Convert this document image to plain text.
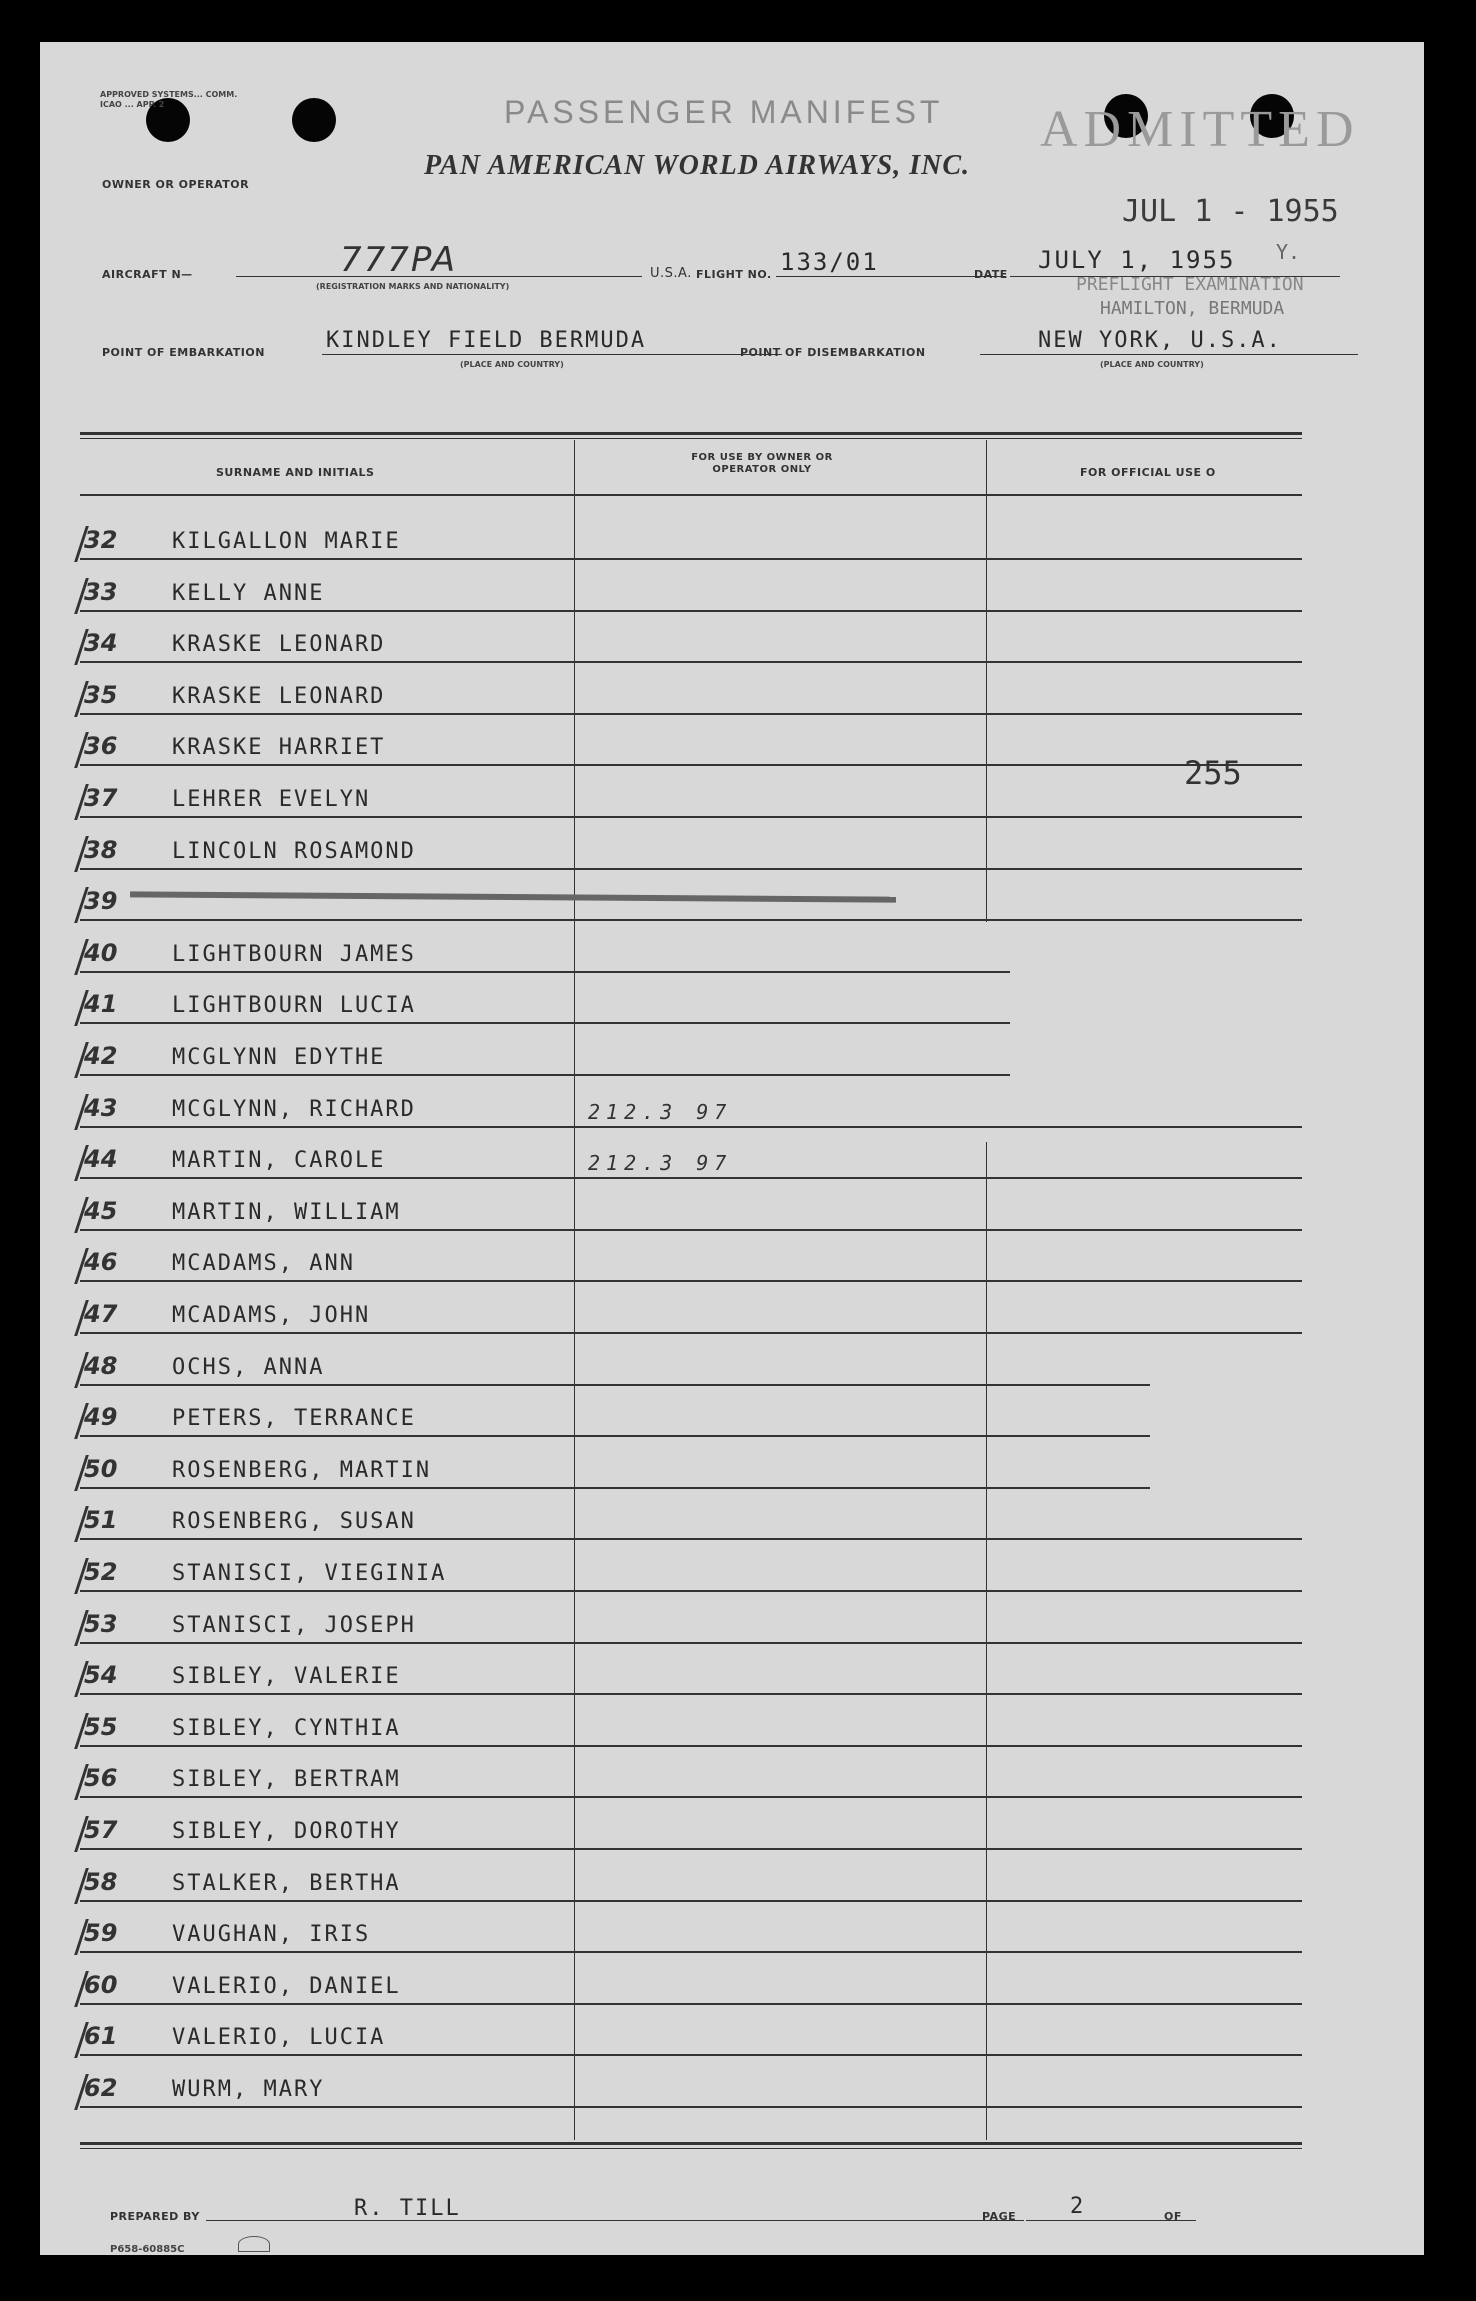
APPROVED SYSTEMS... COMM. ICAO ... APP. 2	PASSENGER MANIFEST
PAN AMERICAN WORLD AIRWAYS, INC.
OWNER OR OPERATOR
ADMITTED
JUL 1 - 1955
PREFLIGHT EXAMINATION
HAMILTON, BERMUDA
Y.
AIRCRAFT N—	777PA
(REGISTRATION MARKS AND NATIONALITY)
U.S.A. FLIGHT NO. 133/01	DATE
JULY 1, 1955
POINT OF EMBARKATION	KINDLEY FIELD BERMUDA
(PLACE AND COUNTRY)
POINT OF DISEMBARKATION	NEW YORK, U.S.A.
(PLACE AND COUNTRY)
SURNAME AND INITIALS
FOR USE BY OWNER OR OPERATOR ONLY	FOR OFFICIAL USE O
255
32	KILGALLON MARIE
33	KELLY ANNE
34	KRASKE LEONARD
35	KRASKE LEONARD
36	KRASKE HARRIET
37	LEHRER EVELYN
38	LINCOLN ROSAMOND
39
40	LIGHTBOURN JAMES
41	LIGHTBOURN LUCIA
42	MCGLYNN EDYTHE
43	MCGLYNN, RICHARD	212.3 97
44	MARTIN, CAROLE	212.3 97
45	MARTIN, WILLIAM
46	MCADAMS, ANN
47	MCADAMS, JOHN
48	OCHS, ANNA
49	PETERS, TERRANCE
50	ROSENBERG, MARTIN
51	ROSENBERG, SUSAN
52	STANISCI, VIEGINIA
53	STANISCI, JOSEPH
54	SIBLEY, VALERIE
55	SIBLEY, CYNTHIA
56	SIBLEY, BERTRAM
57	SIBLEY, DOROTHY
58	STALKER, BERTHA
59	VAUGHAN, IRIS
60	VALERIO, DANIEL
61	VALERIO, LUCIA
62	WURM, MARY
PREPARED BY	R. TILL	PAGE 2	OF
P658-60885C
